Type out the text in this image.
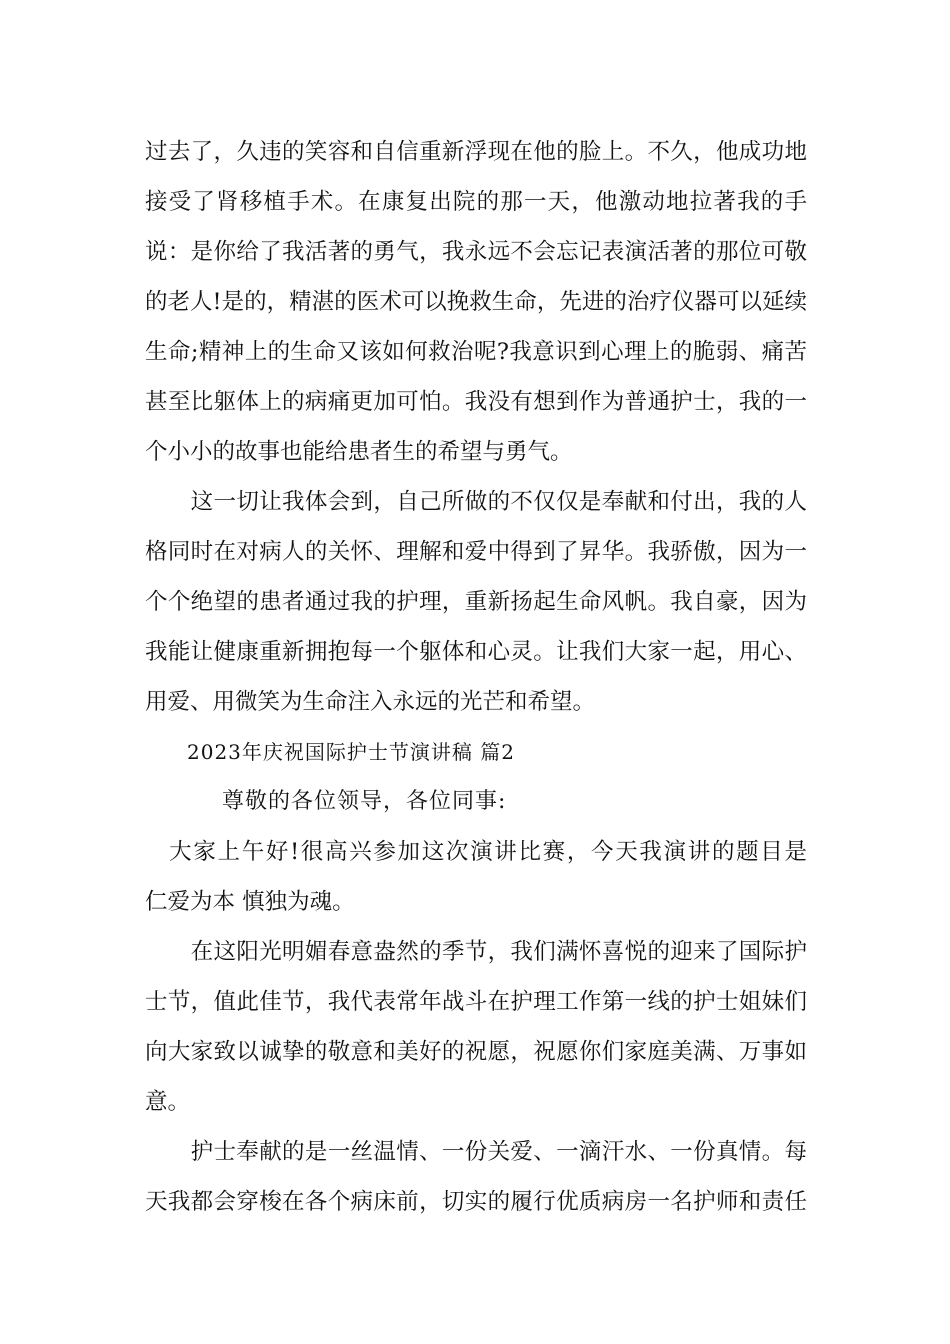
过去了，久违的笑容和自信重新浮现在他的脸上。不久，他成功地
接受了肾移植手术。在康复出院的那一天，他激动地拉著我的手
说：是你给了我活著的勇气，我永远不会忘记表演活著的那位可敬
的老人!是的，精湛的医术可以挽救生命，先进的治疗仪器可以延续
生命;精神上的生命又该如何救治呢?我意识到心理上的脆弱、痛苦
甚至比躯体上的病痛更加可怕。我没有想到作为普通护士，我的一
个小小的故事也能给患者生的希望与勇气。
　　这一切让我体会到，自己所做的不仅仅是奉献和付出，我的人
格同时在对病人的关怀、理解和爱中得到了昇华。我骄傲，因为一
个个绝望的患者通过我的护理，重新扬起生命风帆。我自豪，因为
我能让健康重新拥抱每一个躯体和心灵。让我们大家一起，用心、
用爱、用微笑为生命注入永远的光芒和希望。
2023年庆祝国际护士节演讲稿 篇2
尊敬的各位领导，各位同事:
　大家上午好!很高兴参加这次演讲比赛，今天我演讲的题目是
仁爱为本 慎独为魂。
　　在这阳光明媚春意盎然的季节，我们满怀喜悦的迎来了国际护
士节，值此佳节，我代表常年战斗在护理工作第一线的护士姐妹们
向大家致以诚挚的敬意和美好的祝愿，祝愿你们家庭美满、万事如
意。
　　护士奉献的是一丝温情、一份关爱、一滴汗水、一份真情。每
天我都会穿梭在各个病床前，切实的履行优质病房一名护师和责任
